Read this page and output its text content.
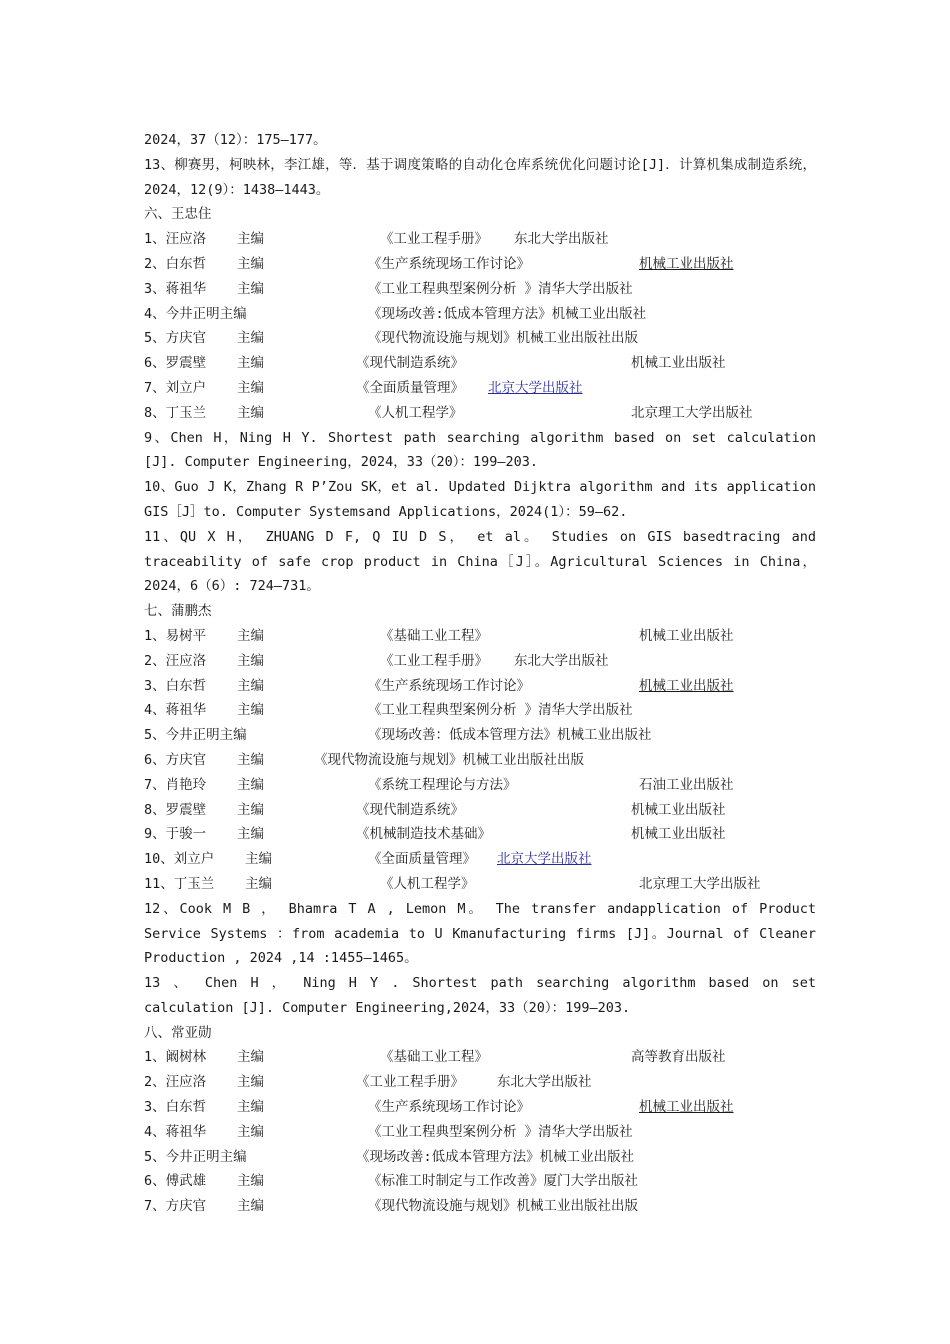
2024，37（12）：175—177。
13、柳赛男，柯映林，李江雄，等．基于调度策略的自动化仓库系统优化问题讨论[J]．计算机集成制造系统，2024，12(9）：1438—1443。
六、王忠住
1、汪应洛 主编	《工业工程手册》 东北大学出版社
2、白东哲 主编	《生产系统现场工作讨论》	机械工业出版社
3、蒋祖华 主编	《工业工程典型案例分析 》清华大学出版社
4、今井正明主编	《现场改善:低成本管理方法》机械工业出版社
5、方庆官 主编	《现代物流设施与规划》机械工业出版社出版
6、罗震壁 主编	《现代制造系统》	机械工业出版社
7、刘立户 主编	《全面质量管理》 北京大学出版社
8、丁玉兰 主编	《人机工程学》	北京理工大学出版社
9、Chen H，Ning H Y. Shortest path searching algorithm based on set calculation [J]. Computer Engineering，2024，33（20）：199—203.
10、Guo J K，Zhang R P’Zou SK，et al. Updated Dijktra algorithm and its application GIS［J］to. Computer Systemsand Applications，2024(1）：59—62.
11、QU X H， ZHUANG D F, Q IU D S， et al。 Studies on GIS basedtracing and traceability of safe crop product in China［J］。Agricultural Sciences in China， 2024，6（6）: 724—731。
七、蒲鹏杰
1、易树平 主编	《基础工业工程》	机械工业出版社
2、汪应洛 主编	《工业工程手册》 东北大学出版社
3、白东哲 主编	《生产系统现场工作讨论》	机械工业出版社
4、蒋祖华 主编	《工业工程典型案例分析 》清华大学出版社
5、今井正明主编	《现场改善：低成本管理方法》机械工业出版社
6、方庆官 主编	《现代物流设施与规划》机械工业出版社出版
7、肖艳玲 主编	《系统工程理论与方法》	石油工业出版社
8、罗震壁 主编	《现代制造系统》	机械工业出版社
9、于骏一 主编	《机械制造技术基础》	机械工业出版社
10、刘立户 主编	《全面质量管理》 北京大学出版社
11、丁玉兰 主编	《人机工程学》	北京理工大学出版社
12、Cook M B ， Bhamra T A , Lemon M。 The transfer andapplication of Product Service Systems ：from academia to U Kmanufacturing firms [J]。Journal of Cleaner Production , 2024 ,14 :1455—1465。
13 、 Chen H ， Ning H Y . Shortest path searching algorithm based on set calculation [J]. Computer Engineering,2024，33（20）：199—203.
八、常亚勋
1、阚树林 主编	《基础工业工程》	高等教育出版社
2、汪应洛 主编	《工业工程手册》 东北大学出版社
3、白东哲 主编	《生产系统现场工作讨论》	机械工业出版社
4、蒋祖华 主编	《工业工程典型案例分析 》清华大学出版社
5、今井正明主编	《现场改善:低成本管理方法》机械工业出版社
6、傅武雄 主编	《标准工时制定与工作改善》厦门大学出版社
7、方庆官 主编	《现代物流设施与规划》机械工业出版社出版
